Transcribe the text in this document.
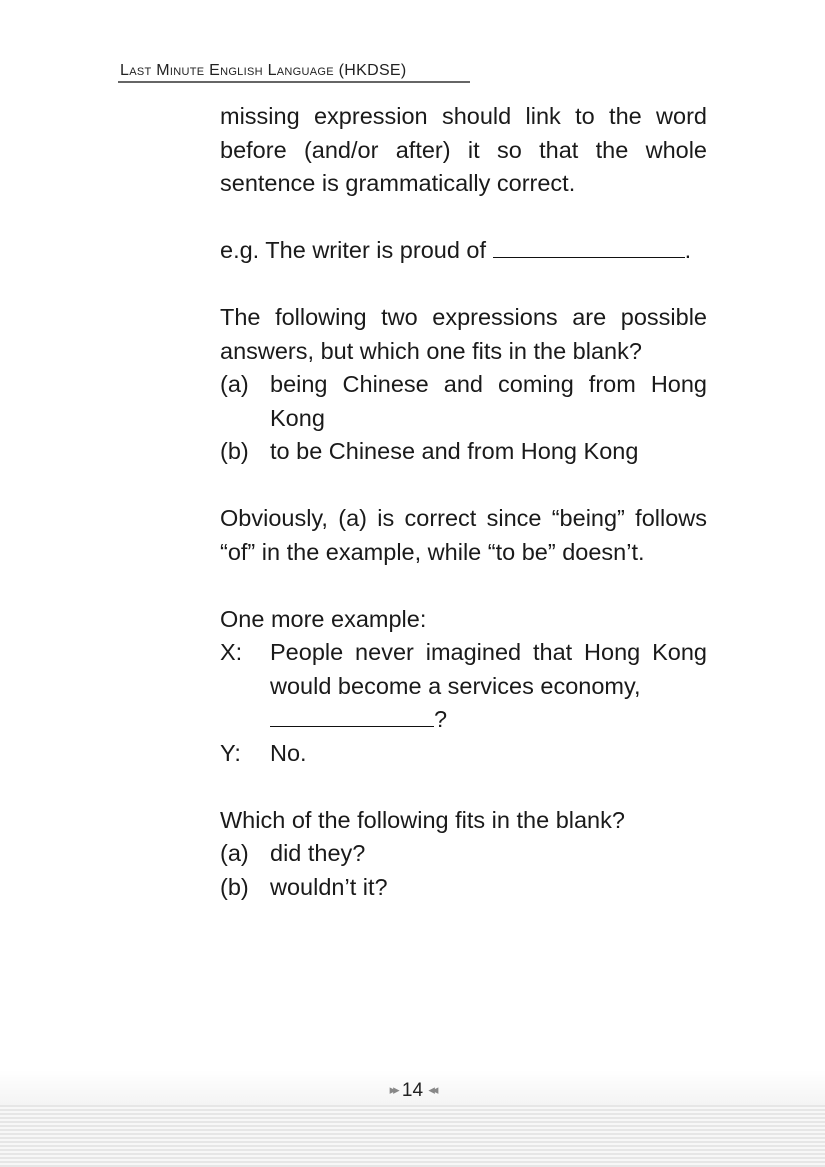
Last Minute English Language (HKDSE)

missing expression should link to the word before (and/or after) it so that the whole sentence is grammatically correct.

e.g. The writer is proud of	.

The following two expressions are possible answers, but which one fits in the blank?

(a) being Chinese and coming from Hong Kong
(b) to be Chinese and from Hong Kong

Obviously, (a) is correct since “being” follows “of” in the example, while “to be” doesn’t.

One more example:

X:	People never imagined that Hong Kong would become a services economy,
?
Y:	No.

Which of the following fits in the blank?

(a) did they?
(b) wouldn’t it?
▸▸ 14 ◂◂
